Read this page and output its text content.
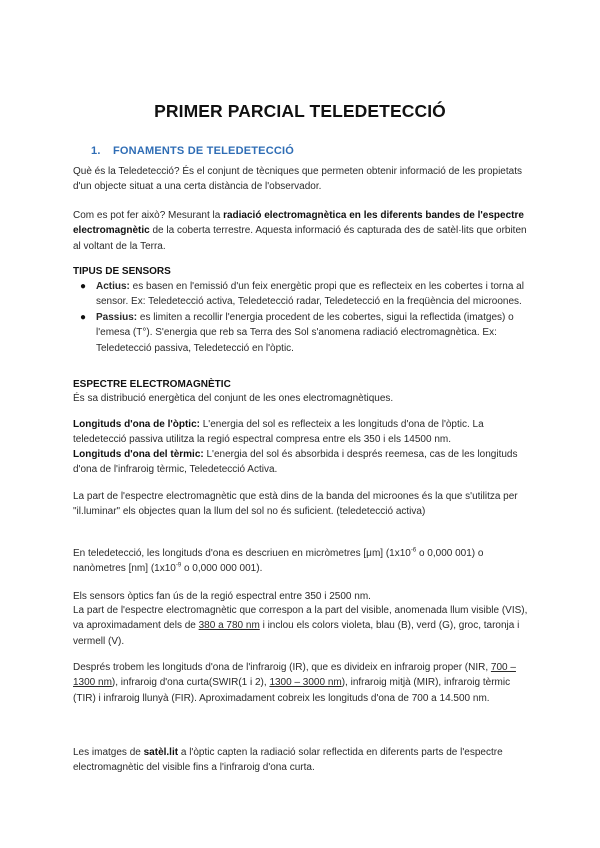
PRIMER PARCIAL TELEDETECCIÓ
1. FONAMENTS DE TELEDETECCIÓ

Què és la Teledetecció? És el conjunt de tècniques que permeten obtenir informació de les propietats d'un objecte situat a una certa distància de l'observador.

Com es pot fer això? Mesurant la radiació electromagnètica en les diferents bandes de l'espectre electromagnètic de la coberta terrestre. Aquesta informació és capturada des de satèl·lits que orbiten al voltant de la Terra.

TIPUS DE SENSORS

● Actius: es basen en l'emissió d'un feix energètic propi que es reflecteix en les cobertes i torna al sensor. Ex: Teledetecció activa, Teledetecció radar, Teledetecció en la freqüència del microones.
● Passius: es limiten a recollir l'energia procedent de les cobertes, sigui la reflectida (imatges) o l'emesa (T°). S'energia que reb sa Terra des Sol s'anomena radiació electromagnètica. Ex: Teledetecció passiva, Teledetecció en l'òptic.

ESPECTRE ELECTROMAGNÈTIC

És sa distribució energètica del conjunt de les ones electromagnètiques.

Longituds d'ona de l'òptic: L'energia del sol es reflecteix a les longituds d'ona de l'òptic. La teledetecció passiva utilitza la regió espectral compresa entre els 350 i els 14500 nm.

Longituds d'ona del tèrmic: L'energia del sol és absorbida i després reemesa, cas de les longituds d'ona de l'infraroig tèrmic, Teledetecció Activa.

La part de l'espectre electromagnètic que està dins de la banda del microones és la que s'utilitza per "il.luminar" els objectes quan la llum del sol no és suficient. (teledetecció activa)

En teledetecció, les longituds d'ona es descriuen en micròmetres [μm] ($1x10^{-6}$ o 0,000 001) o nanòmetres [nm] ($1x10^{-9}$ o 0,000 000 001).

Els sensors òptics fan ús de la regió espectral entre 350 i 2500 nm.

La part de l'espectre electromagnètic que correspon a la part del visible, anomenada llum visible (VIS), va aproximadament dels de 380 a 780 nm i inclou els colors violeta, blau (B), verd (G), groc, taronja i vermell (V).

Després trobem les longituds d'ona de l'infraroig (IR), que es divideix en infraroig proper (NIR, 700 – 1300 nm), infraroig d'ona curta(SWIR(1 i 2), 1300 – 3000 nm), infraroig mitjà (MIR), infraroig tèrmic (TIR) i infraroig llunyà (FIR). Aproximadament cobreix les longituds d'ona de 700 a 14.500 nm.

Les imatges de satèl.lit a l'òptic capten la radiació solar reflectida en diferents parts de l'espectre electromagnètic del visible fins a l'infraroig d'ona curta.
